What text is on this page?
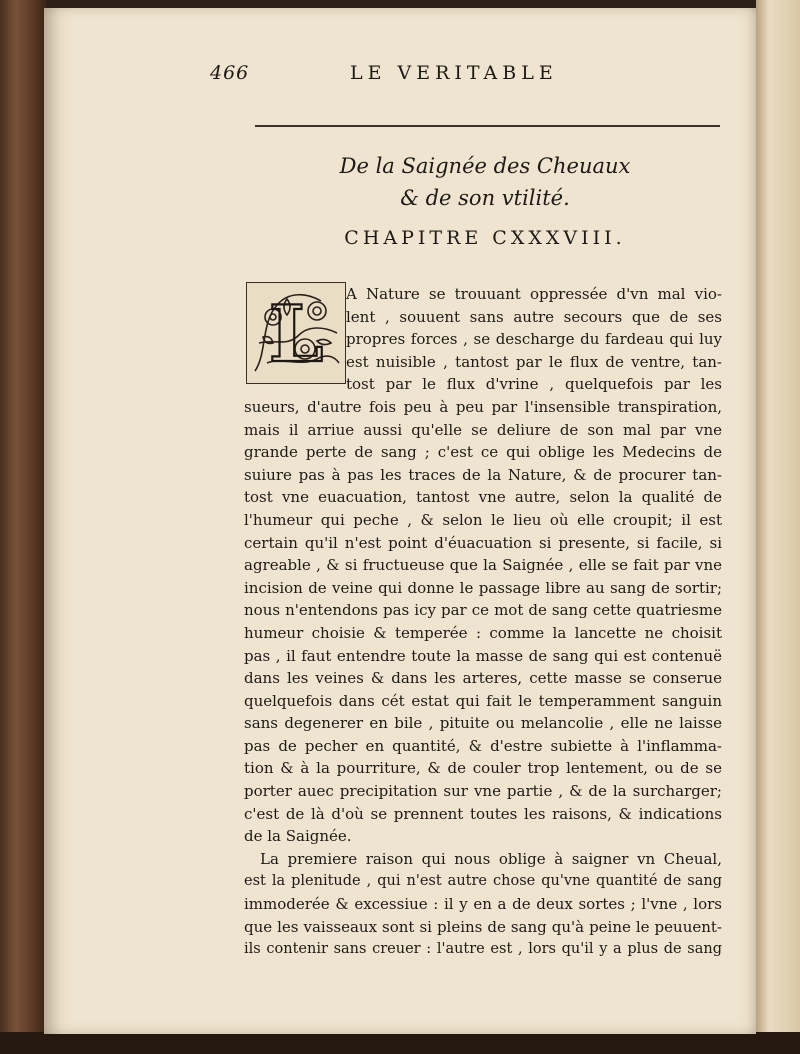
466	LE VERITABLE
De la Saignée des Cheuaux
& de son vtilité.
CHAPITRE CXXXVIII.
L	A Nature se trouuant oppressée d'vn mal vio-
lent , souuent sans autre secours que de ses
propres forces , se descharge du fardeau qui luy
est nuisible , tantost par le flux de ventre, tan-
tost par le flux d'vrine , quelquefois par les
sueurs, d'autre fois peu à peu par l'insensible transpiration,
mais il arriue aussi qu'elle se deliure de son mal par vne
grande perte de sang ; c'est ce qui oblige les Medecins de
suiure pas à pas les traces de la Nature, & de procurer tan-
tost vne euacuation, tantost vne autre, selon la qualité de
l'humeur qui peche , & selon le lieu où elle croupit; il est
certain qu'il n'est point d'éuacuation si presente, si facile, si
agreable , & si fructueuse que la Saignée , elle se fait par vne
incision de veine qui donne le passage libre au sang de sortir;
nous n'entendons pas icy par ce mot de sang cette quatriesme
humeur choisie & temperée : comme la lancette ne choisit
pas , il faut entendre toute la masse de sang qui est contenuë
dans les veines & dans les arteres, cette masse se conserue
quelquefois dans cét estat qui fait le temperamment sanguin
sans degenerer en bile , pituite ou melancolie , elle ne laisse
pas de pecher en quantité, & d'estre subiette à l'inflamma-
tion & à la pourriture, & de couler trop lentement, ou de se
porter auec precipitation sur vne partie , & de la surcharger;
c'est de là d'où se prennent toutes les raisons, & indications
de la Saignée.
La premiere raison qui nous oblige à saigner vn Cheual,
est la plenitude , qui n'est autre chose qu'vne quantité de sang
immoderée & excessiue : il y en a de deux sortes ; l'vne , lors
que les vaisseaux sont si pleins de sang qu'à peine le peuuent-
ils contenir sans creuer : l'autre est , lors qu'il y a plus de sang
